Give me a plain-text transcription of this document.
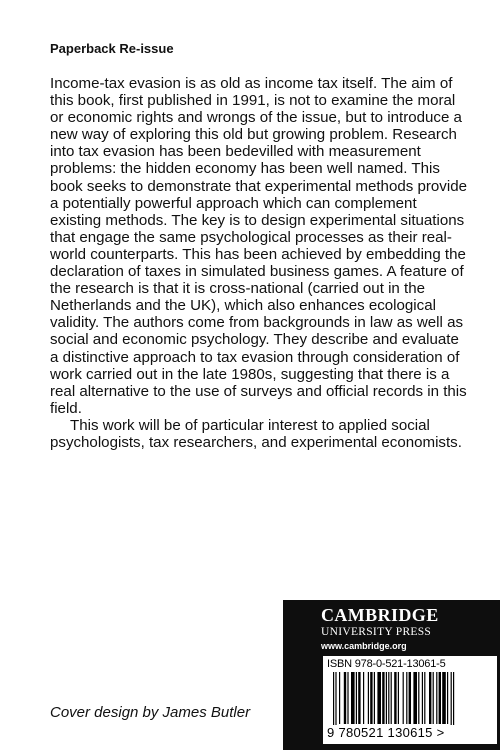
Paperback Re-issue

Income-tax evasion is as old as income tax itself. The aim of this book, first published in 1991, is not to examine the moral or economic rights and wrongs of the issue, but to introduce a new way of exploring this old but growing problem. Research into tax evasion has been bedevilled with measurement problems: the hidden economy has been well named. This book seeks to demonstrate that experimental methods provide a potentially powerful approach which can complement existing methods. The key is to design experimental situations that engage the same psychological processes as their real-world counterparts. This has been achieved by embedding the declaration of taxes in simulated business games. A feature of the research is that it is cross-national (carried out in the Netherlands and the UK), which also enhances ecological validity. The authors come from backgrounds in law as well as social and economic psychology. They describe and evaluate a distinctive approach to tax evasion through consideration of work carried out in the late 1980s, suggesting that there is a real alternative to the use of surveys and official records in this field.

This work will be of particular interest to applied social psychologists, tax researchers, and experimental economists.

Cover design by James Butler
CAMBRIDGE
UNIVERSITY PRESS
www.cambridge.org
ISBN 978-0-521-13061-5
9 780521 130615 >
